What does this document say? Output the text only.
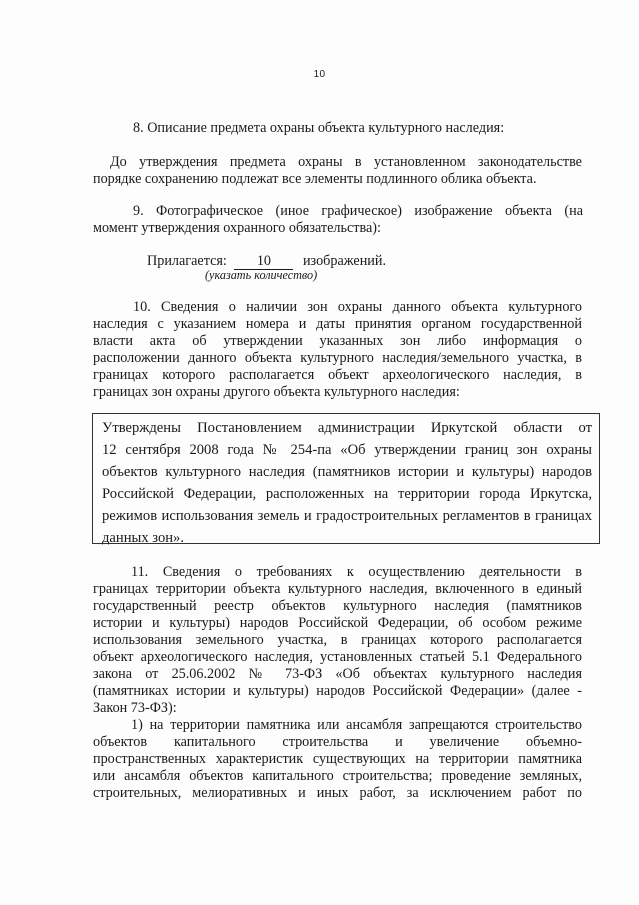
10
8. Описание предмета охраны объекта культурного наследия:
До утверждения предмета охраны в установленном законодательстве
порядке сохранению подлежат все элементы подлинного облика объекта.
9. Фотографическое (иное графическое) изображение объекта (на
момент утверждения охранного обязательства):
Прилагается: 10 изображений.
(указать количество)
10. Сведения о наличии зон охраны данного объекта культурного
наследия с указанием номера и даты принятия органом государственной
власти акта об утверждении указанных зон либо информация о
расположении данного объекта культурного наследия/земельного участка, в
границах которого располагается объект археологического наследия, в
границах зон охраны другого объекта культурного наследия:
Утверждены Постановлением администрации Иркутской области от
12 сентября 2008 года № 254-па «Об утверждении границ зон охраны
объектов культурного наследия (памятников истории и культуры) народов
Российской Федерации, расположенных на территории города Иркутска,
режимов использования земель и градостроительных регламентов в границах
данных зон».
11. Сведения о требованиях к осуществлению деятельности в
границах территории объекта культурного наследия, включенного в единый
государственный реестр объектов культурного наследия (памятников
истории и культуры) народов Российской Федерации, об особом режиме
использования земельного участка, в границах которого располагается
объект археологического наследия, установленных статьей 5.1 Федерального
закона от 25.06.2002 № 73-ФЗ «Об объектах культурного наследия
(памятниках истории и культуры) народов Российской Федерации» (далее -
Закон 73-ФЗ):
1) на территории памятника или ансамбля запрещаются строительство
объектов капитального строительства и увеличение объемно-
пространственных характеристик существующих на территории памятника
или ансамбля объектов капитального строительства; проведение земляных,
строительных, мелиоративных и иных работ, за исключением работ по
